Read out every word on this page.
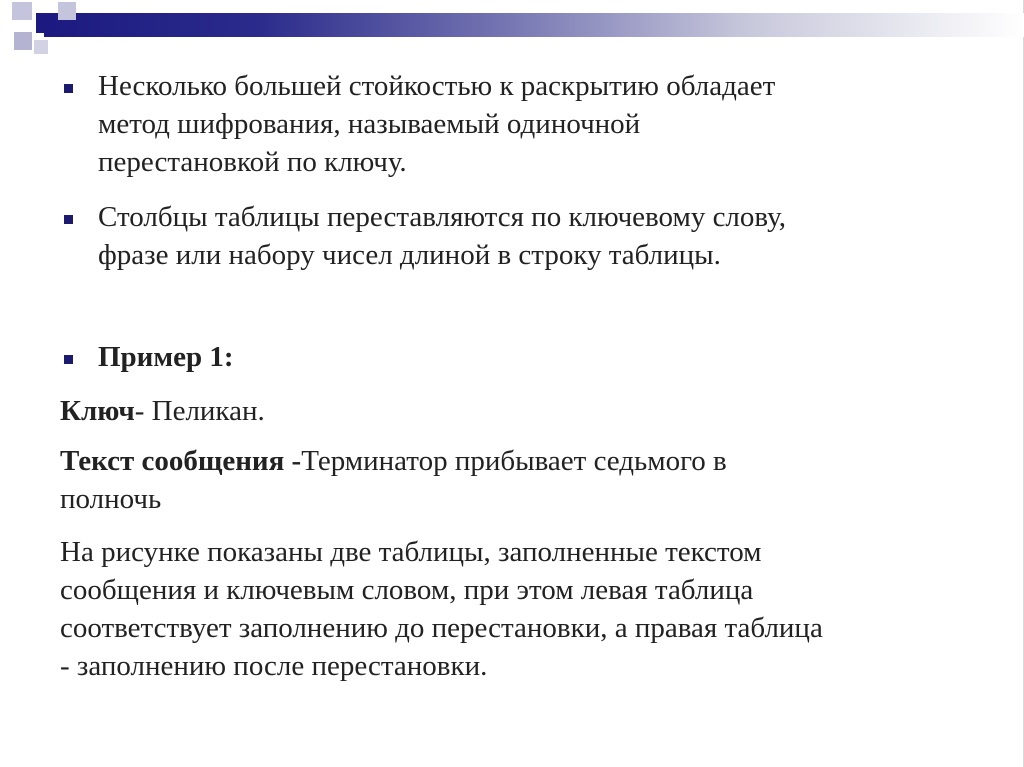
Несколько большей стойкостью к раскрытию обладает
метод шифрования, называемый одиночной
перестановкой по ключу.
Столбцы таблицы переставляются по ключевому слову,
фразе или набору чисел длиной в строку таблицы.
Пример 1:
Ключ- Пеликан.
Текст сообщения -Терминатор прибывает седьмого в
полночь
На рисунке показаны две таблицы, заполненные текстом
сообщения и ключевым словом, при этом левая таблица
соответствует заполнению до перестановки, а правая таблица
- заполнению после перестановки.
